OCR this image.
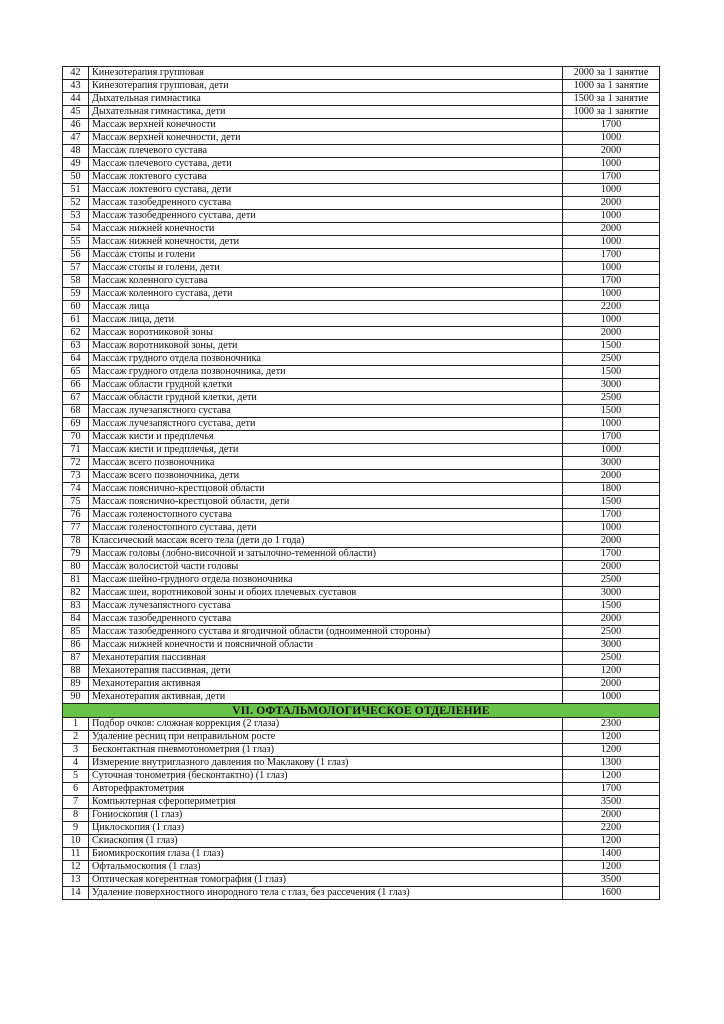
42	Кинезотерапия групповая	2000 за 1 занятие
43	Кинезотерапия групповая, дети	1000 за 1 занятие
44	Дыхательная гимнастика	1500 за 1 занятие
45	Дыхательная гимнастика, дети	1000 за 1 занятие
46	Массаж верхней конечности	1700
47	Массаж верхней конечности, дети	1000
48	Массаж плечевого сустава	2000
49	Массаж плечевого сустава, дети	1000
50	Массаж локтевого сустава	1700
51	Массаж локтевого сустава, дети	1000
52	Массаж тазобедренного сустава	2000
53	Массаж тазобедренного сустава, дети	1000
54	Массаж нижней конечности	2000
55	Массаж нижней конечности, дети	1000
56	Массаж стопы и голени	1700
57	Массаж стопы и голени, дети	1000
58	Массаж коленного сустава	1700
59	Массаж коленного сустава, дети	1000
60	Массаж лица	2200
61	Массаж лица, дети	1000
62	Массаж воротниковой зоны	2000
63	Массаж воротниковой зоны, дети	1500
64	Массаж грудного отдела позвоночника	2500
65	Массаж грудного отдела позвоночника, дети	1500
66	Массаж области грудной клетки	3000
67	Массаж области грудной клетки, дети	2500
68	Массаж лучезапястного сустава	1500
69	Массаж лучезапястного сустава, дети	1000
70	Массаж кисти и предплечья	1700
71	Массаж кисти и предплечья, дети	1000
72	Массаж всего позвоночника	3000
73	Массаж всего позвоночника, дети	2000
74	Массаж пояснично-крестцовой области	1800
75	Массаж пояснично-крестцовой области, дети	1500
76	Массаж голеностопного сустава	1700
77	Массаж голеностопного сустава, дети	1000
78	Классический массаж всего тела (дети до 1 года)	2000
79	Массаж головы (лобно-височной и затылочно-теменной области)	1700
80	Массаж волосистой части головы	2000
81	Массаж шейно-грудного отдела позвоночника	2500
82	Массаж шеи, воротниковой зоны и обоих плечевых суставов	3000
83	Массаж лучезапястного сустава	1500
84	Массаж тазобедренного сустава	2000
85	Массаж тазобедренного сустава и ягодичной области (одноименной стороны)	2500
86	Массаж нижней конечности и поясничной области	3000
87	Механотерапия пассивная	2500
88	Механотерапия пассивная, дети	1200
89	Механотерапия активная	2000
90	Механотерапия активная, дети	1000
VII. ОФТАЛЬМОЛОГИЧЕСКОЕ ОТДЕЛЕНИЕ		
1	Подбор очков: сложная коррекция (2 глаза)	2300
2	Удаление ресниц при неправильном росте	1200
3	Бесконтактная пневмотонометрия (1 глаз)	1200
4	Измерение внутриглазного давления по Маклакову (1 глаз)	1300
5	Суточная тонометрия (бесконтактно) (1 глаз)	1200
6	Авторефрактометрия	1700
7	Компьютерная сферопериметрия	3500
8	Гониоскопия (1 глаз)	2000
9	Циклоскопия (1 глаз)	2200
10	Скиаскопия (1 глаз)	1200
11	Биомикроскопия глаза (1 глаз)	1400
12	Офтальмоскопия (1 глаз)	1200
13	Оптическая когерентная томография (1 глаз)	3500
14	Удаление поверхностного инородного тела с глаз, без рассечения (1 глаз)	1600
